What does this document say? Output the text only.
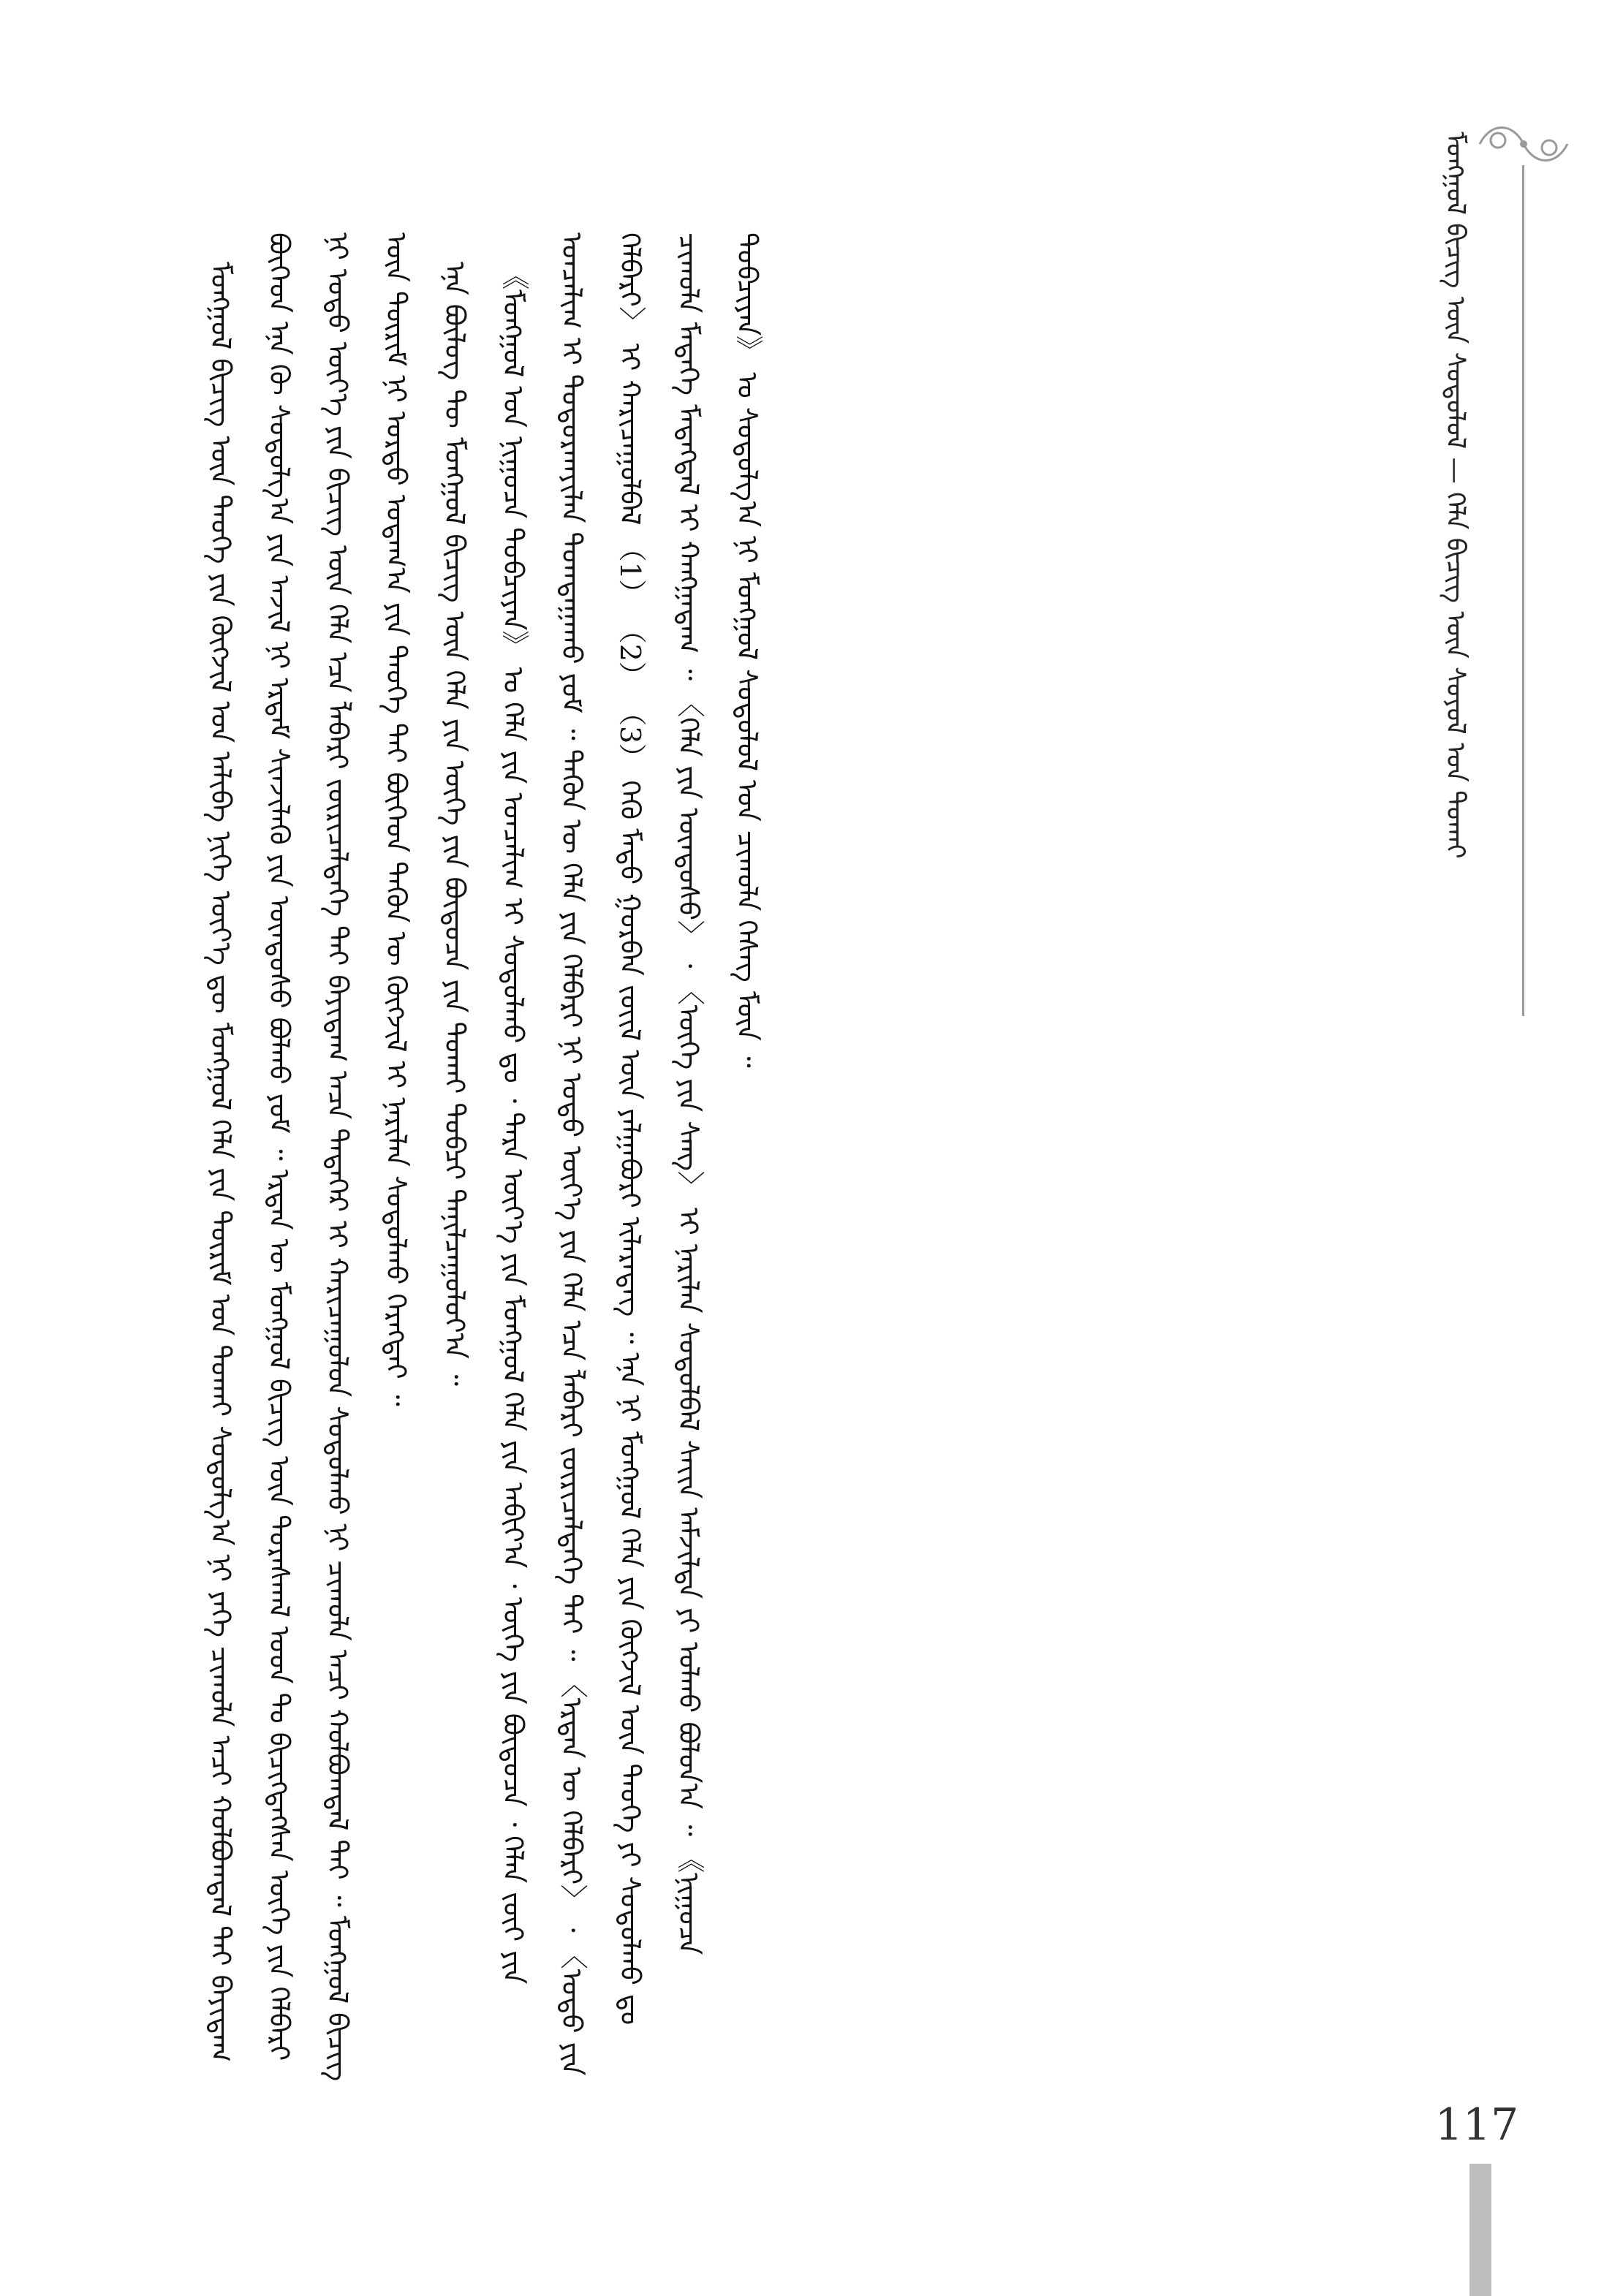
ᠮᠣᠩᠭᠣᠯ ᠪᠢᠴᠢᠭ᠌ ᠦᠨ ᠰᠤᠳᠤᠯᠤᠯ — ᠬᠡᠯᠡ ᠪᠢᠴᠢᠭ᠌ ᠦᠨ ᠰᠣᠶᠣᠯ ᠤᠨ ᠲᠤᠬᠠᠢ

ᠮᠣᠩᠭᠣᠯ ᠪᠢᠴᠢᠭ᠌ ᠦᠨ ᠲᠡᠦᠬᠡ ᠶᠢᠨ ᠬᠥᠭᠵᠢᠯ ᠤᠨ ᠠᠯᠢᠪᠠ ᠨᠢᠭᠡ ᠦᠶ᠎ᠡ ᠳᠦ ᠮᠣᠩᠭᠣᠯ ᠬᠡᠯᠡ ᠶᠢᠨ ᠳᠦᠷᠢᠮ ᠤᠨ ᠲᠤᠬᠠᠢ ᠰᠤᠳᠤᠯᠭ᠎ᠠ ᠨᠢ ᠶᠡᠬᠡ ᠴᠢᠬᠤᠯᠠ ᠠᠴᠢ ᠬᠣᠯᠪᠣᠭᠳᠠᠯ ᠲᠠᠢ ᠪᠠᠶᠢᠳᠠᠭ ᠪᠥᠭᠡᠳ ᠡᠨᠡ ᠬᠦ ᠰᠤᠳᠤᠯᠭ᠎ᠠ ᠶᠢᠨ ᠠᠵᠢᠯ ᠨᠢ ᠡᠷᠳᠡᠮ ᠰᠢᠨᠵᠢᠯᠡᠬᠦ ᠶᠢᠨ ᠦᠨᠳᠦᠰᠦ ᠪᠣᠯᠬᠤ ᠶᠤᠮ ᠃ ᠡᠷᠲᠡᠨ ᠦ ᠮᠣᠩᠭᠣᠯ ᠪᠢᠴᠢᠭ᠌ ᠦᠨ ᠳᠤᠷᠠᠰᠬᠠᠯ ᠤᠳ ᠲᠤ ᠪᠢᠴᠢᠭᠳᠡᠭᠰᠡᠨ ᠦᠭᠡ ᠶᠢᠨ ᠬᠡᠯᠪᠡᠷᠢ ᠨᠢ ᠣᠳᠣ ᠦᠶ᠎ᠡ ᠶᠢᠨ ᠪᠢᠴᠢᠭ᠌ ᠦᠨ ᠬᠡᠯᠡ ᠡᠴᠡ ᠯᠡᠪᠡᠷᠢ ᠵᠥᠷᠢᠴᠡᠯᠳᠡᠭᠡ ᠲᠠᠢ ᠪᠠᠶᠢᠳᠠᠭ ᠠᠴᠠ ᠲᠡᠳᠡᠭᠡᠷ ᠢ ᠬᠠᠷᠢᠴᠠᠭᠤᠯᠤᠨ ᠰᠤᠳᠤᠯᠬᠤ ᠨᠢ ᠴᠢᠬᠤᠯᠠ ᠠᠴᠢ ᠬᠣᠯᠪᠣᠭᠳᠠᠯ ᠲᠠᠢ ᠃ ᠮᠣᠩᠭᠣᠯ ᠪᠢᠴᠢᠭ᠌ ᠦᠨ ᠳᠦᠷᠢᠮ ᠨᠢ ᠤᠷᠳᠤ ᠤᠳᠠᠭ᠎ᠠ ᠶᠢᠨ ᠲᠡᠦᠬᠡ ᠲᠠᠢ ᠪᠥᠭᠡᠳ ᠲᠡᠭᠦᠨ ᠦ ᠬᠥᠭᠵᠢᠯ ᠢ ᠨᠠᠷᠢᠯᠠᠨ ᠰᠤᠳᠤᠯᠬᠤ ᠬᠡᠷᠡᠭᠲᠡᠶ ᠃ ᠡᠨᠡ ᠪᠦᠯᠦᠭ ᠲᠦ ᠮᠣᠩᠭᠣᠯ ᠪᠢᠴᠢᠭ᠌ ᠦᠨ ᠬᠡᠯᠡ ᠶᠢᠨ ᠦᠭᠡ ᠶᠢᠨ ᠪᠦᠲᠦᠴᠡ ᠶᠢᠨ ᠲᠤᠬᠠᠢ ᠲᠣᠪᠴᠢ ᠲᠠᠨᠢᠯᠴᠠᠭᠤᠯᠤᠶ᠎ᠠ ᠃ 《ᠮᠣᠩᠭᠣᠯ ᠤᠨ ᠨᠢᠭᠤᠴᠠ ᠲᠣᠪᠴᠢᠶᠠᠨ》 ᠤ ᠬᠡᠯᠡ ᠶᠢᠨ ᠣᠨᠴᠠᠯᠢᠭ ᠢ ᠰᠤᠳᠤᠯᠬᠤ ᠳᠤ ᠂ ᠲᠡᠷᠡ ᠦᠶ᠎ᠡ ᠶᠢᠨ ᠮᠣᠩᠭᠣᠯ ᠬᠡᠯᠡ ᠶᠢᠨ ᠠᠪᠢᠶ᠎ᠠ ᠂ ᠦᠭᠡ ᠶᠢᠨ ᠪᠦᠲᠦᠴᠡ ᠂ ᠬᠡᠯᠡᠨ ᠵᠦᠢ ᠶᠢᠨ ᠣᠨᠴᠠᠯᠢᠭ ᠢ ᠲᠣᠳᠤᠷᠬᠠᠶᠢᠯᠠᠨ ᠲᠣᠭᠲᠠᠭᠠᠬᠤ ᠶᠤᠮ ᠃ ᠲᠡᠭᠦᠨ ᠦ ᠬᠡᠯᠡ ᠶᠢᠨ ᠬᠡᠯᠪᠡᠷᠢ ᠨᠢ ᠣᠳᠣ ᠦᠶ᠎ᠡ ᠶᠢᠨ ᠬᠡᠯᠡ ᠡᠴᠡ ᠯᠡᠪᠡᠷᠢ ᠵᠥᠷᠢᠴᠡᠯᠳᠡᠭᠡ ᠲᠠᠢ ᠃ 〈ᠡᠷᠲᠡᠨ ᠦ ᠬᠡᠯᠪᠡᠷᠢ〉 ᠂ 〈ᠣᠳᠣ ᠶᠢᠨ ᠬᠡᠯᠪᠡᠷᠢ〉 ᠢ ᠬᠠᠷᠢᠴᠠᠭᠤᠯᠪᠠᠯ （1） （2） （3） ᠭᠡᠬᠦ ᠮᠡᠲᠦ ᠭᠤᠷᠪᠠᠨ ᠵᠦᠢᠯ ᠦᠨ ᠶᠠᠯᠭᠠᠪᠤᠷᠢ ᠢᠯᠡᠷᠡᠳᠡᠭ ᠃ ᠡᠨᠡ ᠨᠢ ᠮᠣᠩᠭᠣᠯ ᠬᠡᠯᠡ ᠶᠢᠨ ᠬᠥᠭᠵᠢᠯ ᠦᠨ ᠲᠡᠦᠬᠡ ᠶᠢ ᠰᠤᠳᠤᠯᠬᠤ ᠳᠤ ᠴᠢᠬᠤᠯᠠ ᠮᠡᠳᠡᠭᠡ ᠮᠡᠳᠡᠭᠳᠡᠯ ᠢ ᠬᠠᠩᠭᠠᠳᠠᠭ ᠃ 〈ᠬᠡᠯᠡ ᠶᠢᠨ ᠦᠨᠳᠦᠰᠦ〉 ᠂ 〈ᠦᠭᠡ ᠶᠢᠨ ᠰᠠᠩ〉 ᠢ ᠨᠠᠷᠢᠯᠠᠨ ᠰᠤᠳᠤᠯᠪᠠᠯ ᠰᠠᠶ᠋ᠢᠨ ᠠᠮᠵᠢᠯᠲᠠ ᠶᠢ ᠣᠯᠬᠤ ᠪᠣᠯᠤᠨ᠎ᠠ ᠃ 《ᠨᠢᠭᠤᠴᠠ ᠲᠣᠪᠴᠢᠶᠠᠨ》 ᠤ ᠰᠤᠳᠤᠯᠭ᠎ᠠ ᠨᠢ ᠮᠣᠩᠭᠣᠯ ᠰᠤᠳᠤᠯᠤᠯ ᠤᠨ ᠴᠢᠬᠤᠯᠠ ᠬᠡᠰᠡᠭ ᠮᠥᠨ ᠃

117
